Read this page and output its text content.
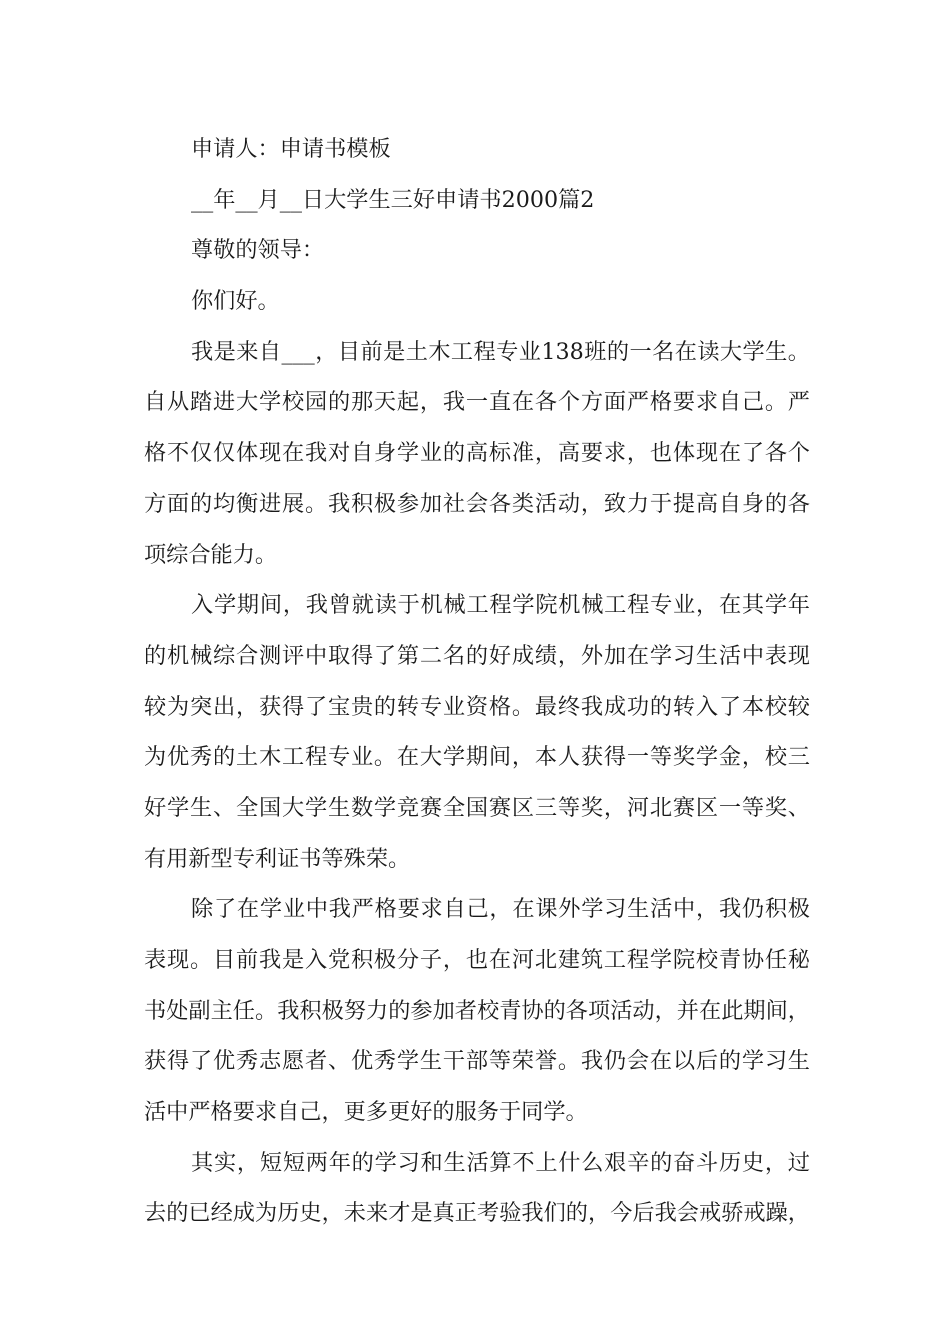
申请人：申请书模板
__年__月__日大学生三好申请书2000篇2
尊敬的领导：
你们好。
我是来自___，目前是土木工程专业138班的一名在读大学生。
自从踏进大学校园的那天起，我一直在各个方面严格要求自己。严
格不仅仅体现在我对自身学业的高标准，高要求，也体现在了各个
方面的均衡进展。我积极参加社会各类活动，致力于提高自身的各
项综合能力。
入学期间，我曾就读于机械工程学院机械工程专业，在其学年
的机械综合测评中取得了第二名的好成绩，外加在学习生活中表现
较为突出，获得了宝贵的转专业资格。最终我成功的转入了本校较
为优秀的土木工程专业。在大学期间，本人获得一等奖学金，校三
好学生、全国大学生数学竞赛全国赛区三等奖，河北赛区一等奖、
有用新型专利证书等殊荣。
除了在学业中我严格要求自己，在课外学习生活中，我仍积极
表现。目前我是入党积极分子，也在河北建筑工程学院校青协任秘
书处副主任。我积极努力的参加者校青协的各项活动，并在此期间，
获得了优秀志愿者、优秀学生干部等荣誉。我仍会在以后的学习生
活中严格要求自己，更多更好的服务于同学。
其实，短短两年的学习和生活算不上什么艰辛的奋斗历史，过
去的已经成为历史，未来才是真正考验我们的，今后我会戒骄戒躁，
